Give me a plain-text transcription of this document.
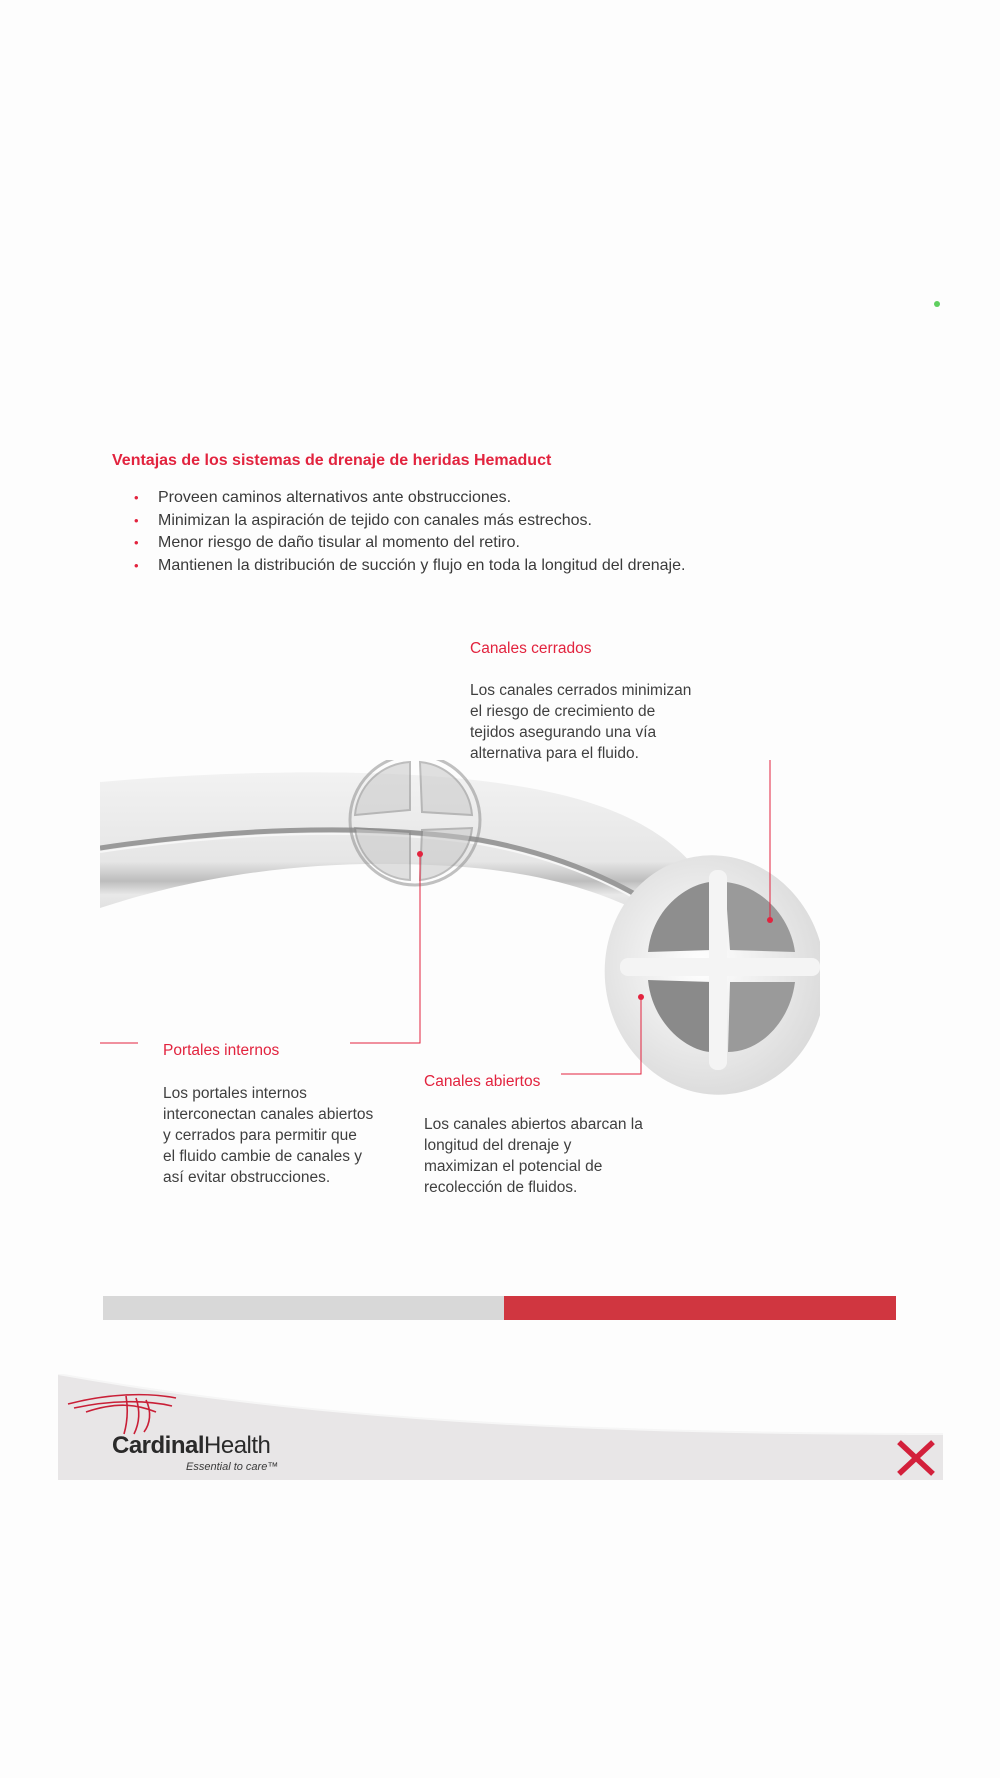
Ventajas de los sistemas de drenaje de heridas Hemaduct
• Proveen caminos alternativos ante obstrucciones.
• Minimizan la aspiración de tejido con canales más estrechos.
• Menor riesgo de daño tisular al momento del retiro.
• Mantienen la distribución de succión y flujo en toda la longitud del drenaje.
Canales cerrados
Los canales cerrados minimizan
el riesgo de crecimiento de
tejidos asegurando una vía
alternativa para el fluido.
Portales internos
Los portales internos
interconectan canales abiertos
y cerrados para permitir que
el fluido cambie de canales y
así evitar obstrucciones.
Canales abiertos
Los canales abiertos abarcan la
longitud del drenaje y
maximizan el potencial de
recolección de fluidos.
CardinalHealth
Essential to care™
